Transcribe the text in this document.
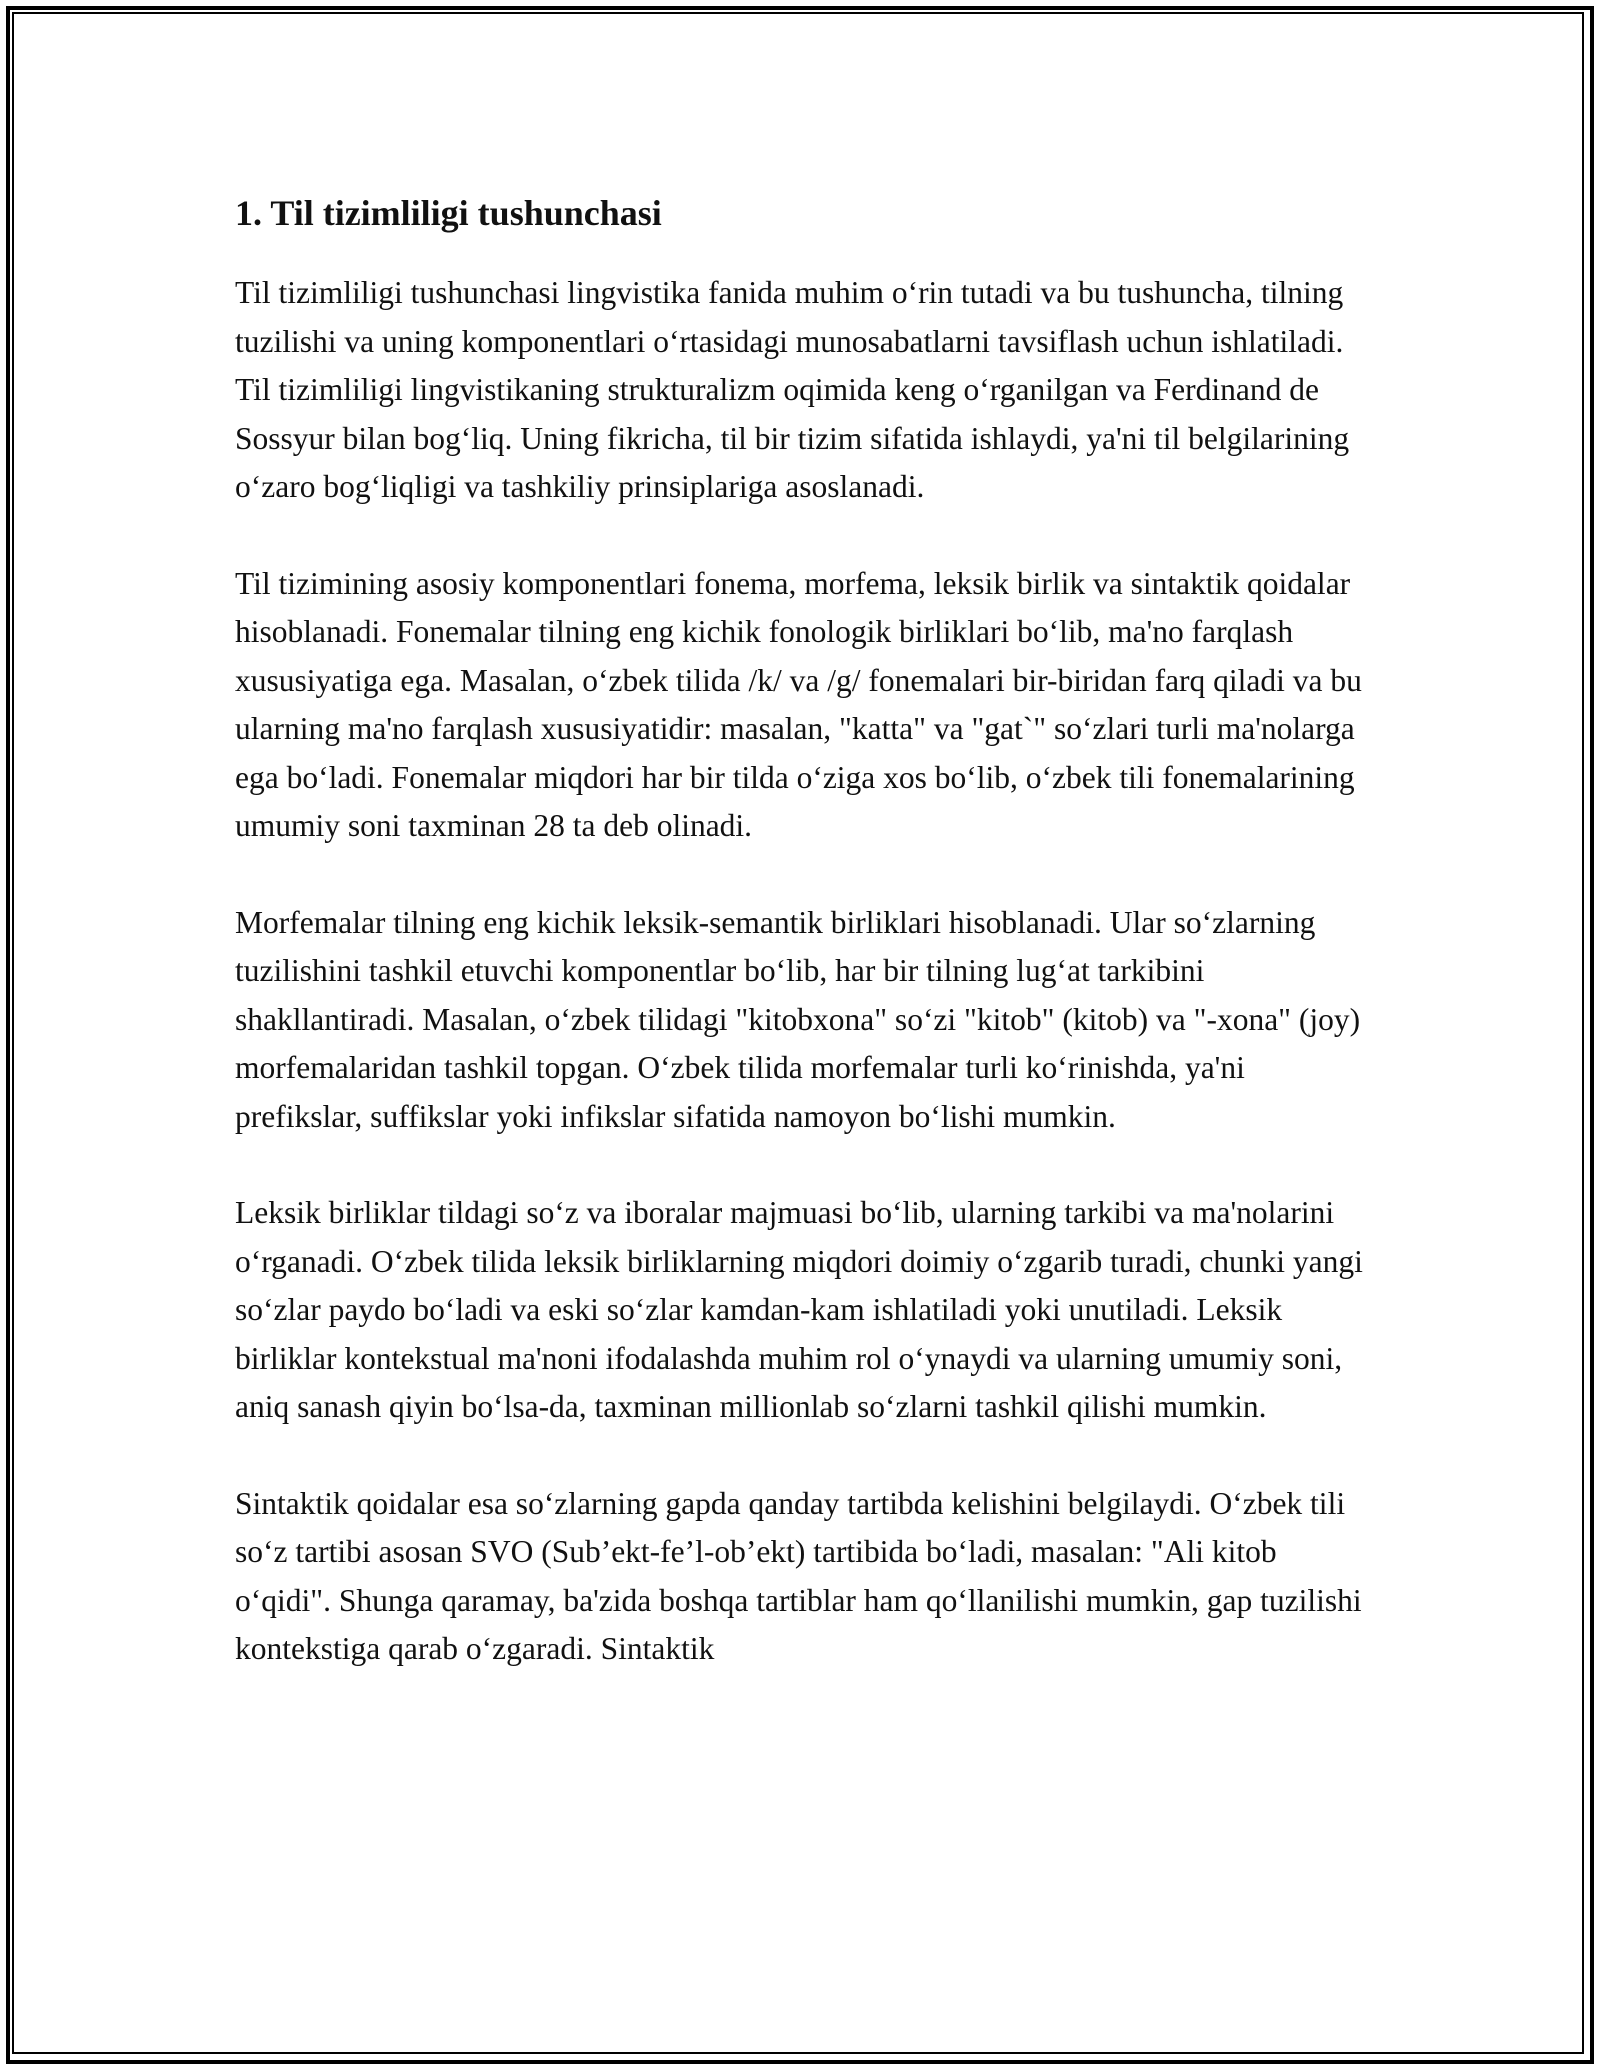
1. Til tizimliligi tushunchasi

Til tizimliligi tushunchasi lingvistika fanida muhim oʻrin tutadi va bu tushuncha, tilning tuzilishi va uning komponentlari oʻrtasidagi munosabatlarni tavsiflash uchun ishlatiladi. Til tizimliligi lingvistikaning strukturalizm oqimida keng oʻrganilgan va Ferdinand de Sossyur bilan bogʻliq. Uning fikricha, til bir tizim sifatida ishlaydi, ya'ni til belgilarining oʻzaro bogʻliqligi va tashkiliy prinsiplariga asoslanadi.

Til tizimining asosiy komponentlari fonema, morfema, leksik birlik va sintaktik qoidalar hisoblanadi. Fonemalar tilning eng kichik fonologik birliklari boʻlib, ma'no farqlash xususiyatiga ega. Masalan, oʻzbek tilida /k/ va /g/ fonemalari bir-biridan farq qiladi va bu ularning ma'no farqlash xususiyatidir: masalan, "katta" va "gat`" soʻzlari turli ma'nolarga ega boʻladi. Fonemalar miqdori har bir tilda oʻziga xos boʻlib, oʻzbek tili fonemalarining umumiy soni taxminan 28 ta deb olinadi.

Morfemalar tilning eng kichik leksik-semantik birliklari hisoblanadi. Ular soʻzlarning tuzilishini tashkil etuvchi komponentlar boʻlib, har bir tilning lugʻat tarkibini shakllantiradi. Masalan, oʻzbek tilidagi "kitobxona" soʻzi "kitob" (kitob) va "-xona" (joy) morfemalaridan tashkil topgan. Oʻzbek tilida morfemalar turli koʻrinishda, ya'ni prefikslar, suffikslar yoki infikslar sifatida namoyon boʻlishi mumkin.

Leksik birliklar tildagi soʻz va iboralar majmuasi boʻlib, ularning tarkibi va ma'nolarini oʻrganadi. Oʻzbek tilida leksik birliklarning miqdori doimiy oʻzgarib turadi, chunki yangi soʻzlar paydo boʻladi va eski soʻzlar kamdan-kam ishlatiladi yoki unutiladi. Leksik birliklar kontekstual ma'noni ifodalashda muhim rol oʻynaydi va ularning umumiy soni, aniq sanash qiyin boʻlsa-da, taxminan millionlab soʻzlarni tashkil qilishi mumkin.

Sintaktik qoidalar esa soʻzlarning gapda qanday tartibda kelishini belgilaydi. Oʻzbek tili soʻz tartibi asosan SVO (Subʼekt-feʼl-obʼekt) tartibida boʻladi, masalan: "Ali kitob oʻqidi". Shunga qaramay, ba'zida boshqa tartiblar ham qoʻllanilishi mumkin, gap tuzilishi kontekstiga qarab oʻzgaradi. Sintaktik
